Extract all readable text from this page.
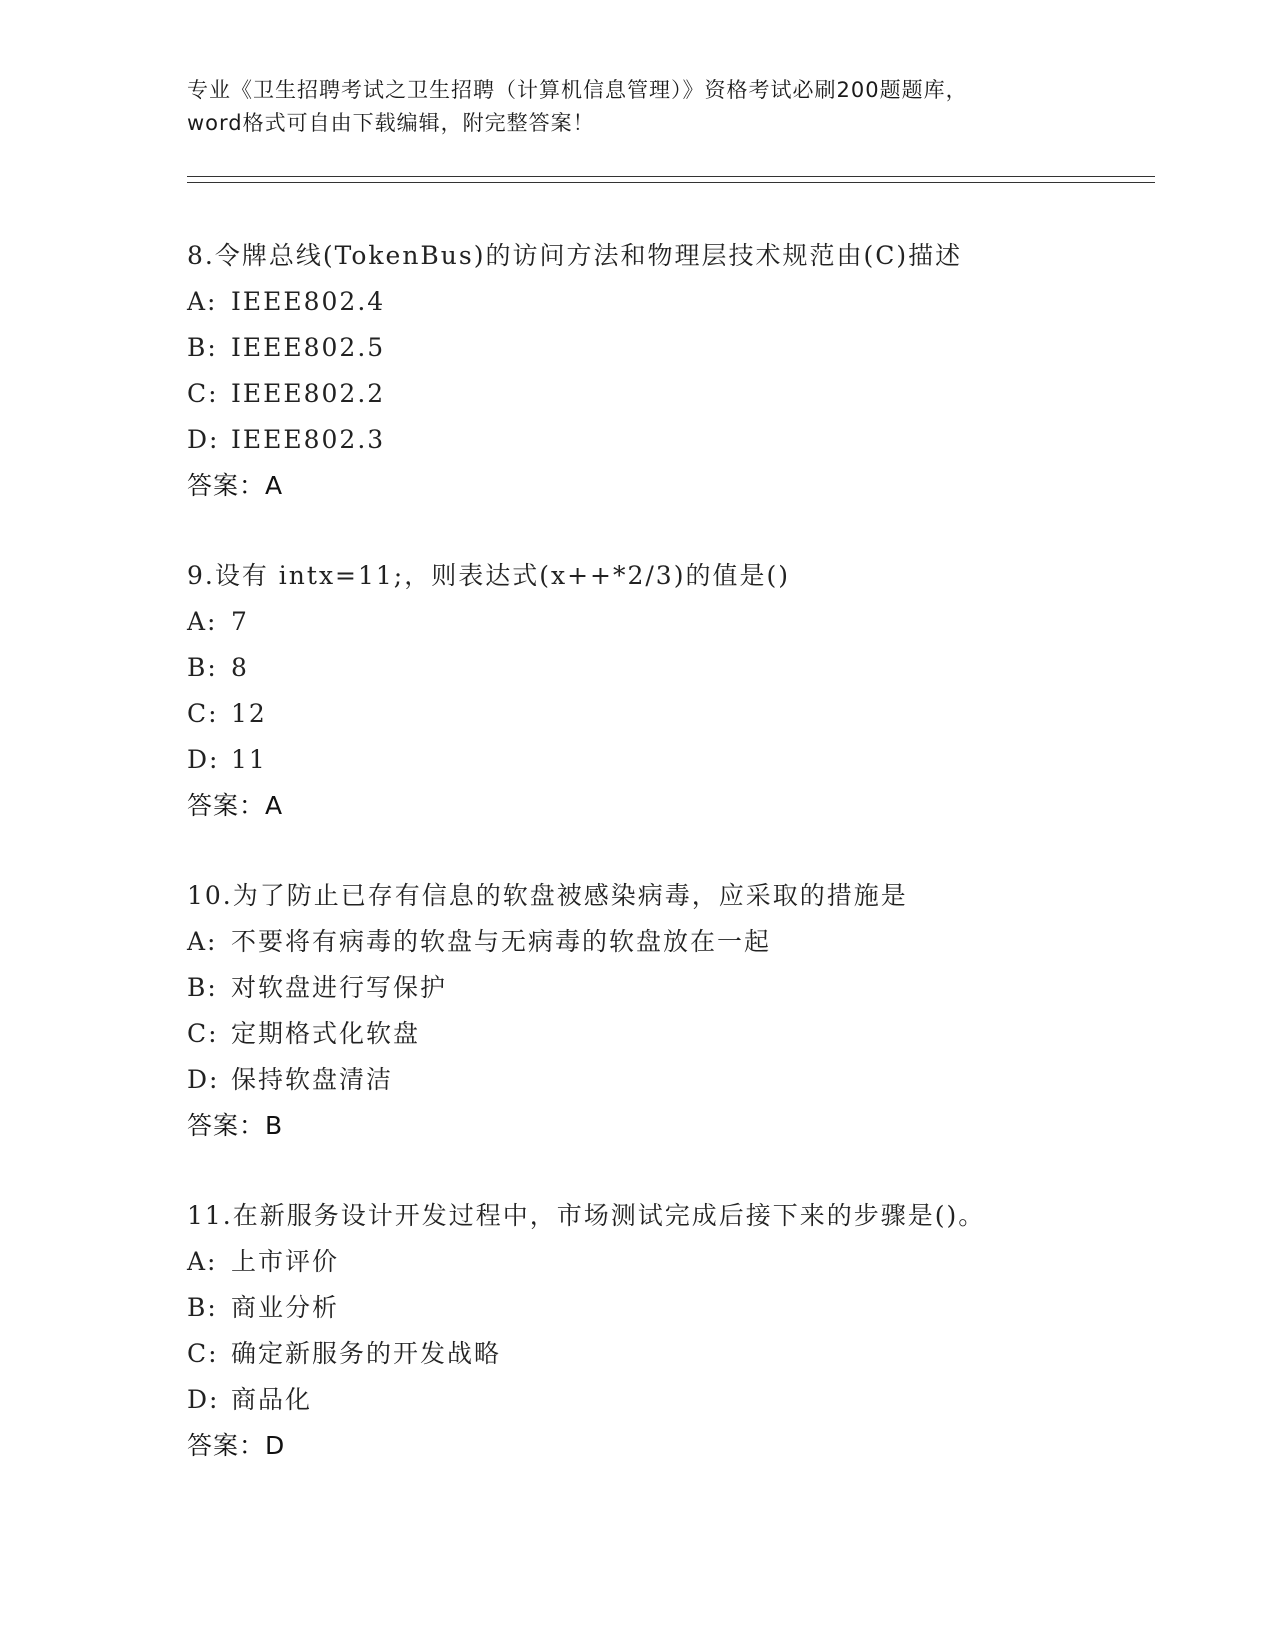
专业《卫生招聘考试之卫生招聘（计算机信息管理）》资格考试必刷200题题库，
word格式可自由下载编辑，附完整答案！
8.令牌总线(TokenBus)的访问方法和物理层技术规范由(C)描述
A: IEEE802.4
B: IEEE802.5
C: IEEE802.2
D: IEEE802.3
答案：A
9.设有 intx=11;，则表达式(x++*2/3)的值是()
A: 7
B: 8
C: 12
D: 11
答案：A
10.为了防止已存有信息的软盘被感染病毒，应采取的措施是
A: 不要将有病毒的软盘与无病毒的软盘放在一起
B: 对软盘进行写保护
C: 定期格式化软盘
D: 保持软盘清洁
答案：B
11.在新服务设计开发过程中，市场测试完成后接下来的步骤是()。
A: 上市评价
B: 商业分析
C: 确定新服务的开发战略
D: 商品化
答案：D
